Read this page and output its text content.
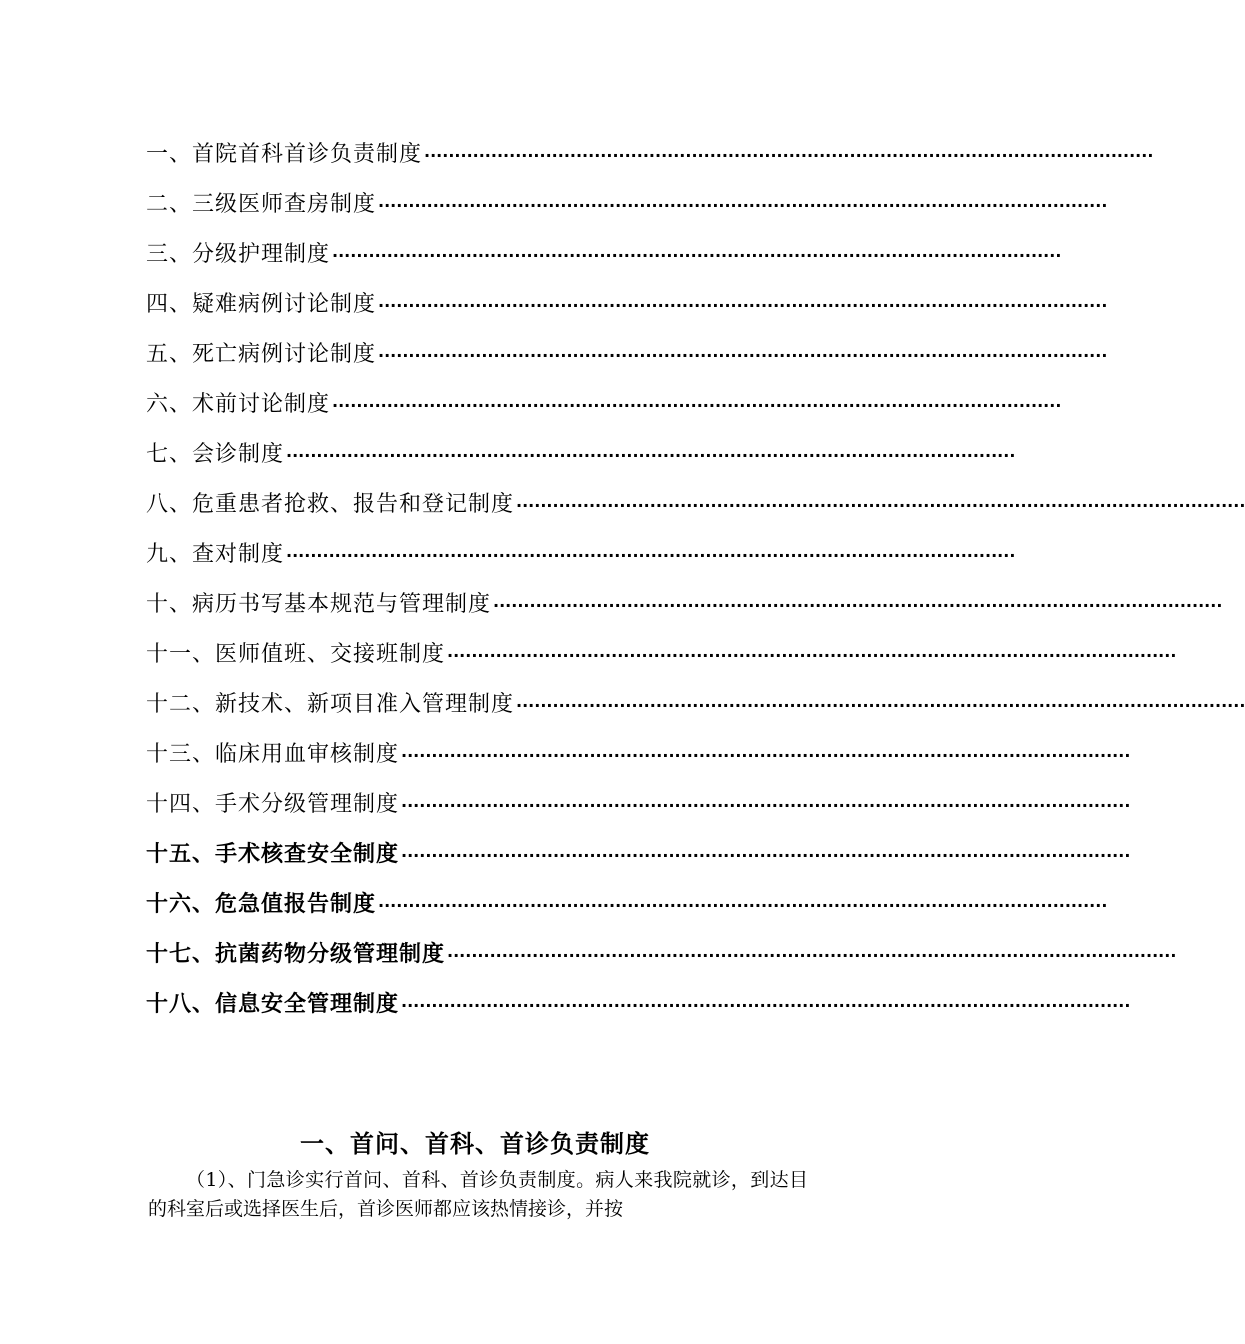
一、首院首科首诊负责制度 ························································································································
二、三级医师查房制度 ························································································································
三、分级护理制度 ························································································································
四、疑难病例讨论制度 ························································································································
五、死亡病例讨论制度 ························································································································
六、术前讨论制度 ························································································································
七、会诊制度 ························································································································
八、危重患者抢救、报告和登记制度 ························································································································
九、查对制度 ························································································································
十、病历书写基本规范与管理制度 ························································································································
十一、医师值班、交接班制度 ························································································································
十二、新技术、新项目准入管理制度 ························································································································
十三、临床用血审核制度 ························································································································
十四、手术分级管理制度 ························································································································
十五、手术核查安全制度 ························································································································
十六、危急值报告制度 ························································································································
十七、抗菌药物分级管理制度 ························································································································
十八、信息安全管理制度 ························································································································
一、首问、首科、首诊负责制度
（1）、门急诊实行首问、首科、首诊负责制度。病人来我院就诊，到达目的科室后或选择医生后，首诊医师都应该热情接诊，并按
